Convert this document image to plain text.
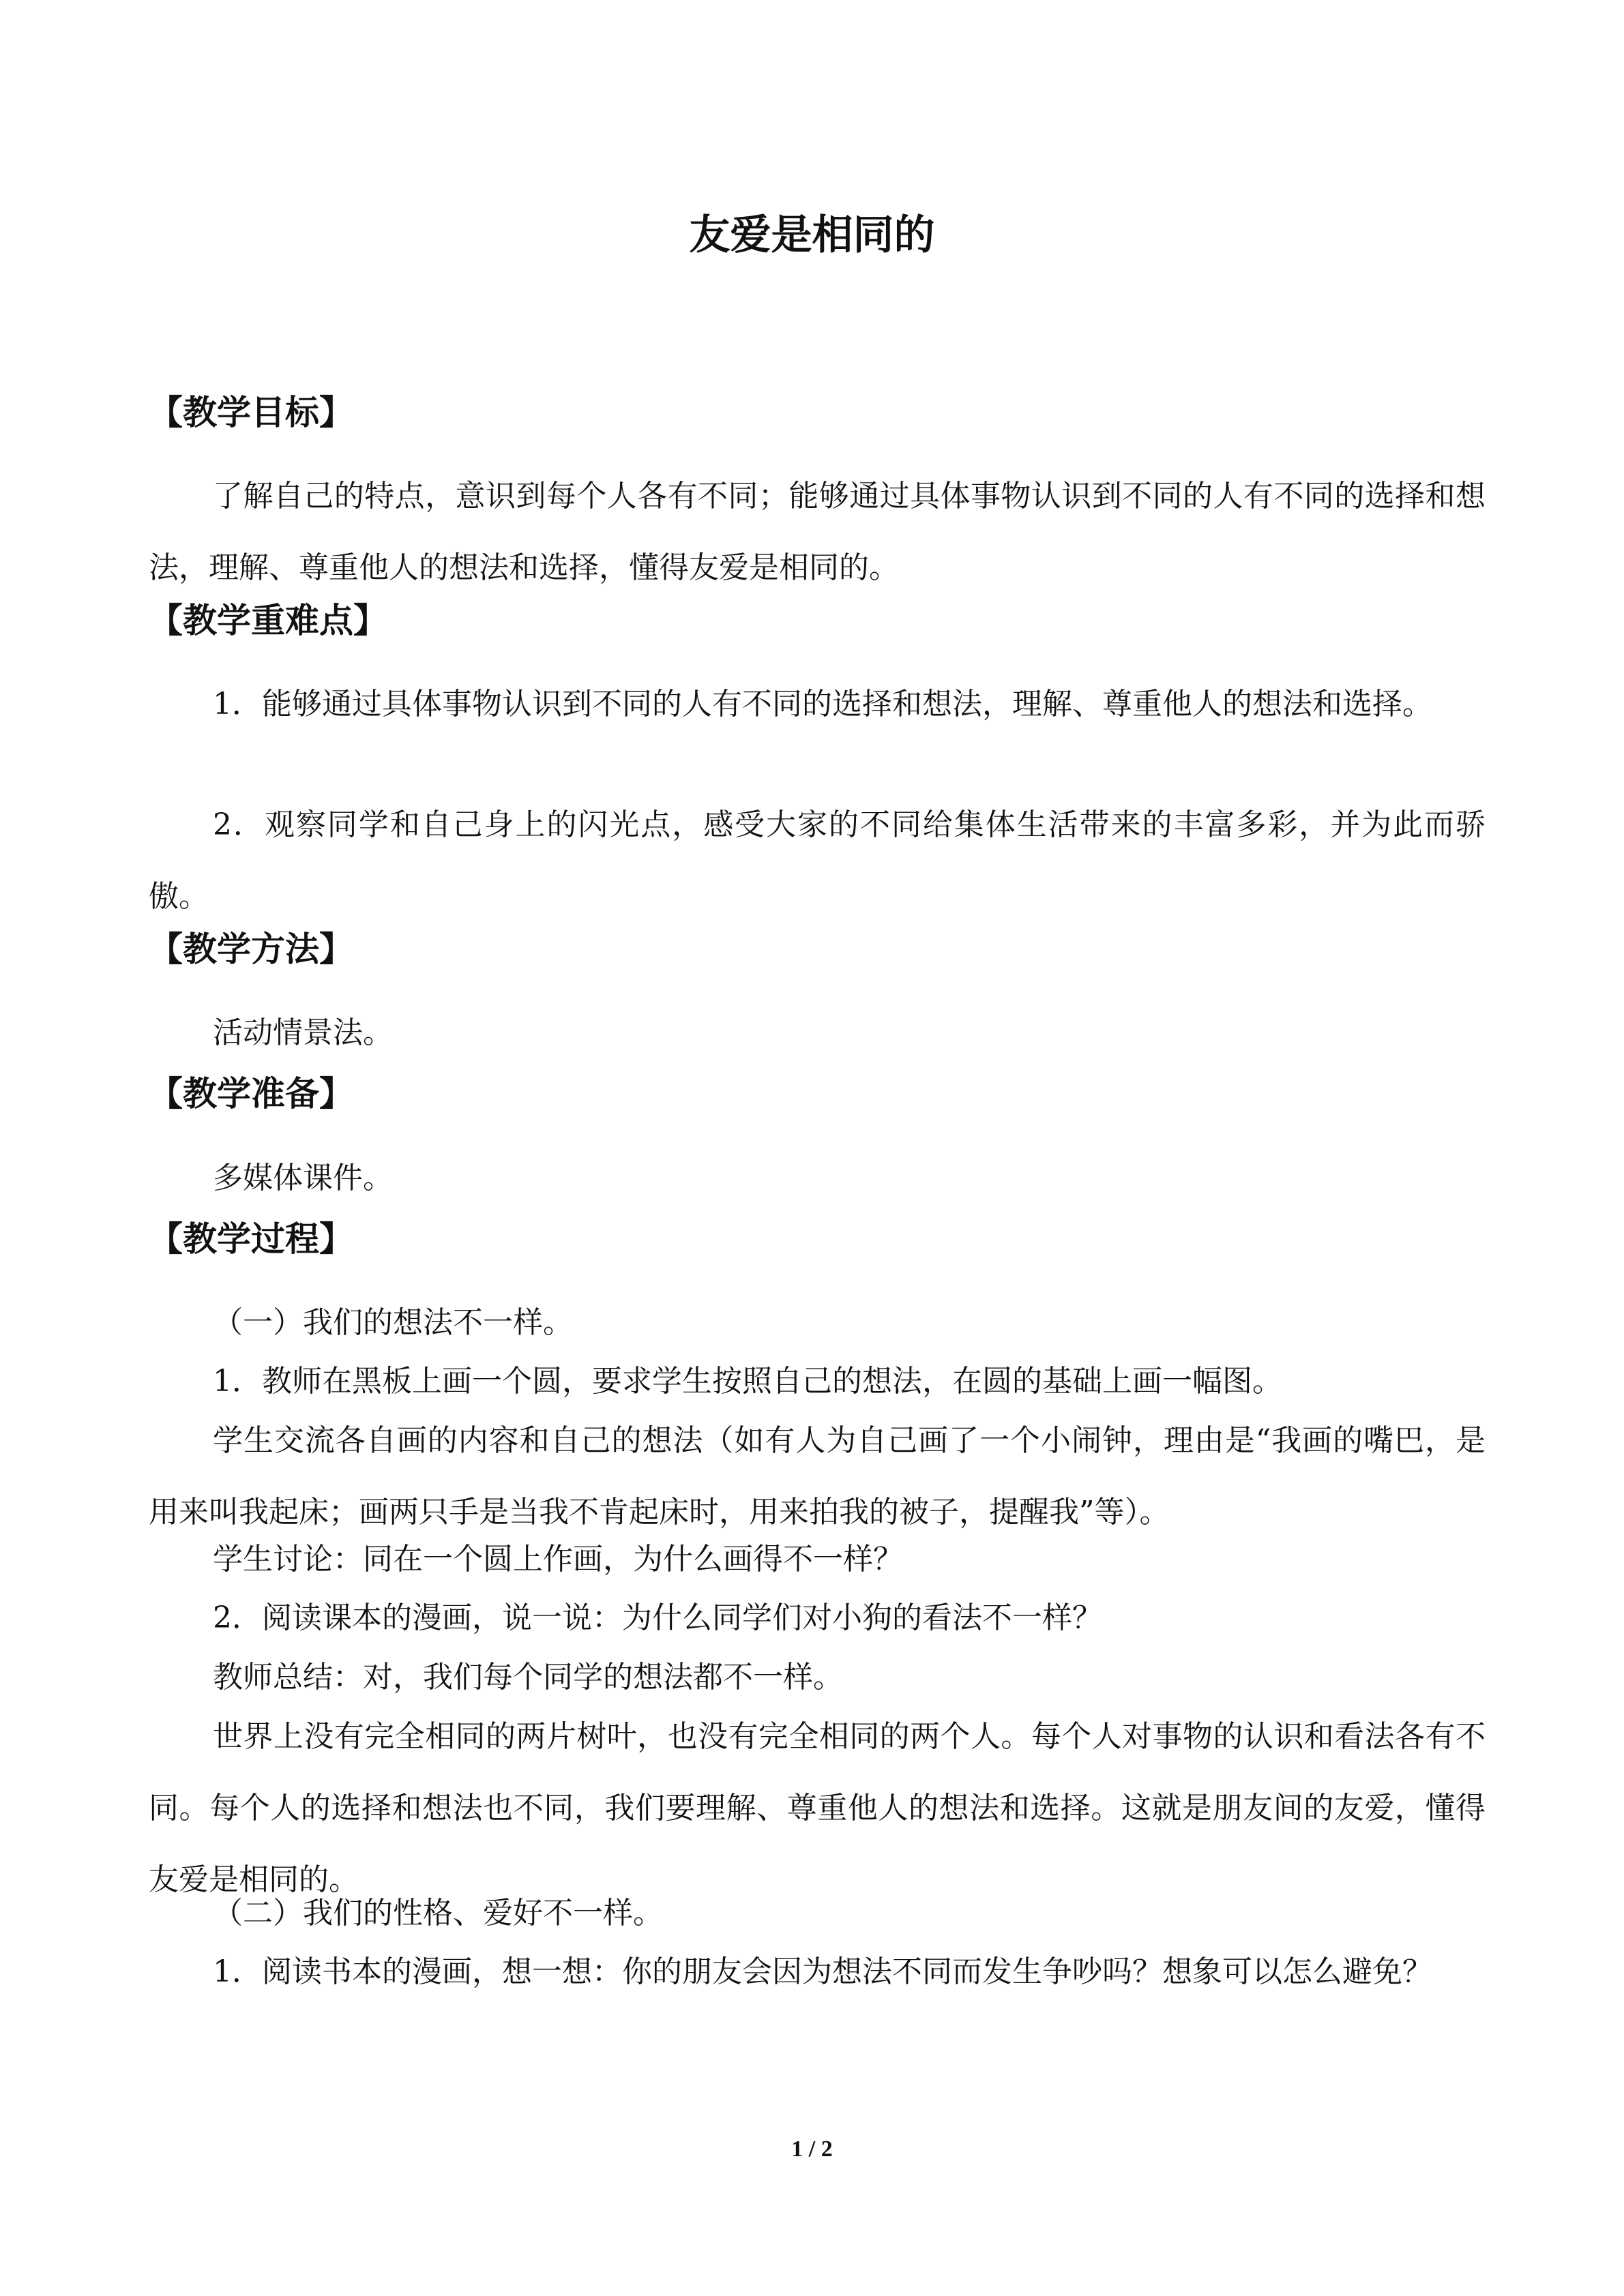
友爱是相同的
【教学目标】

了解自己的特点，意识到每个人各有不同；能够通过具体事物认识到不同的人有不同的选择和想法，理解、尊重他人的想法和选择，懂得友爱是相同的。

【教学重难点】

1．能够通过具体事物认识到不同的人有不同的选择和想法，理解、尊重他人的想法和选择。

2．观察同学和自己身上的闪光点，感受大家的不同给集体生活带来的丰富多彩，并为此而骄傲。

【教学方法】

活动情景法。

【教学准备】

多媒体课件。

【教学过程】

（一）我们的想法不一样。

1．教师在黑板上画一个圆，要求学生按照自己的想法，在圆的基础上画一幅图。

学生交流各自画的内容和自己的想法（如有人为自己画了一个小闹钟，理由是“我画的嘴巴，是用来叫我起床；画两只手是当我不肯起床时，用来拍我的被子，提醒我”等）。

学生讨论：同在一个圆上作画，为什么画得不一样？

2．阅读课本的漫画，说一说：为什么同学们对小狗的看法不一样？

教师总结：对，我们每个同学的想法都不一样。

世界上没有完全相同的两片树叶，也没有完全相同的两个人。每个人对事物的认识和看法各有不同。每个人的选择和想法也不同，我们要理解、尊重他人的想法和选择。这就是朋友间的友爱，懂得友爱是相同的。

（二）我们的性格、爱好不一样。

1．阅读书本的漫画，想一想：你的朋友会因为想法不同而发生争吵吗？想象可以怎么避免？

1 / 2
